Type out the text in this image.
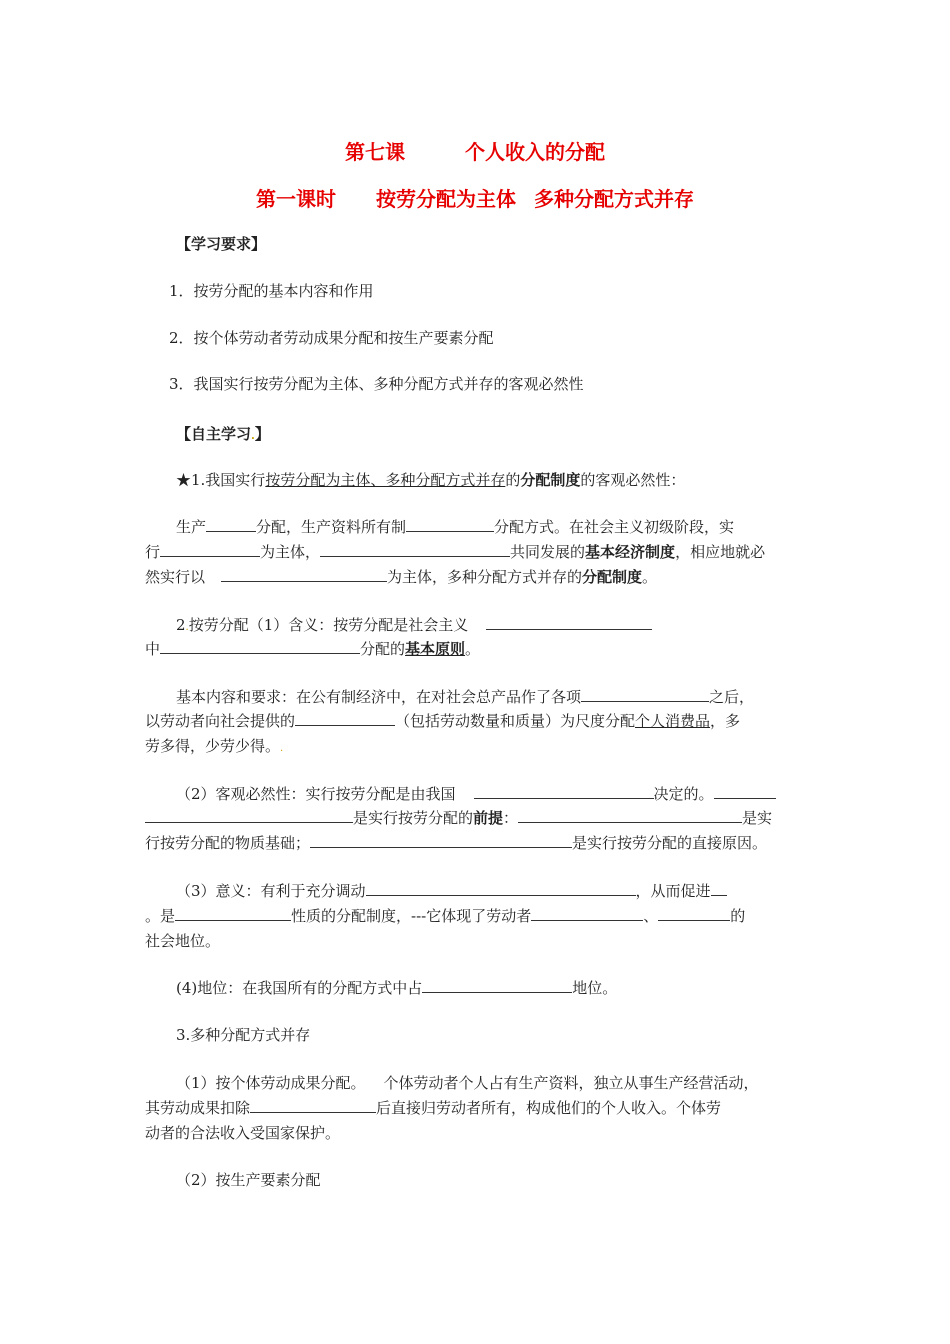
第七课	个人收入的分配
第一课时 按劳分配为主体 多种分配方式并存
【学习要求】
1．按劳分配的基本内容和作用
2．按个体劳动者劳动成果分配和按生产要素分配
3．我国实行按劳分配为主体、多种分配方式并存的客观必然性
【自主学习.】
★1.我国实行按劳分配为主体、多种分配方式并存的分配制度的客观必然性：
生产	分配，生产资料所有制	分配方式。在社会主义初级阶段，实
行	为主体，	共同发展的基本经济制度，相应地就必
然实行以	为主体，多种分配方式并存的分配制度。
2.按劳分配（1）含义：按劳分配是社会主义
中	分配的基本原则。
基本内容和要求：在公有制经济中，在对社会总产品作了各项	之后，
以劳动者向社会提供的	（包括劳动数量和质量）为尺度分配个人消费品，多
劳多得，少劳少得。.
（2）客观必然性：实行按劳分配是由我国	决定的。
是实行按劳分配的前提：	是实
行按劳分配的物质基础；	是实行按劳分配的直接原因。
（3）意义：有利于充分调动	，从而促进
。是	性质的分配制度，---它体现了劳动者	、	的
社会地位。
(4)地位：在我国所有的分配方式中占	地位。
3.多种分配方式并存
（1）按个体劳动成果分配。 个体劳动者个人占有生产资料，独立从事生产经营活动，
其劳动成果扣除	后直接归劳动者所有，构成他们的个人收入。个体劳
动者的合法收入受国家保护。
（2）按生产要素分配
